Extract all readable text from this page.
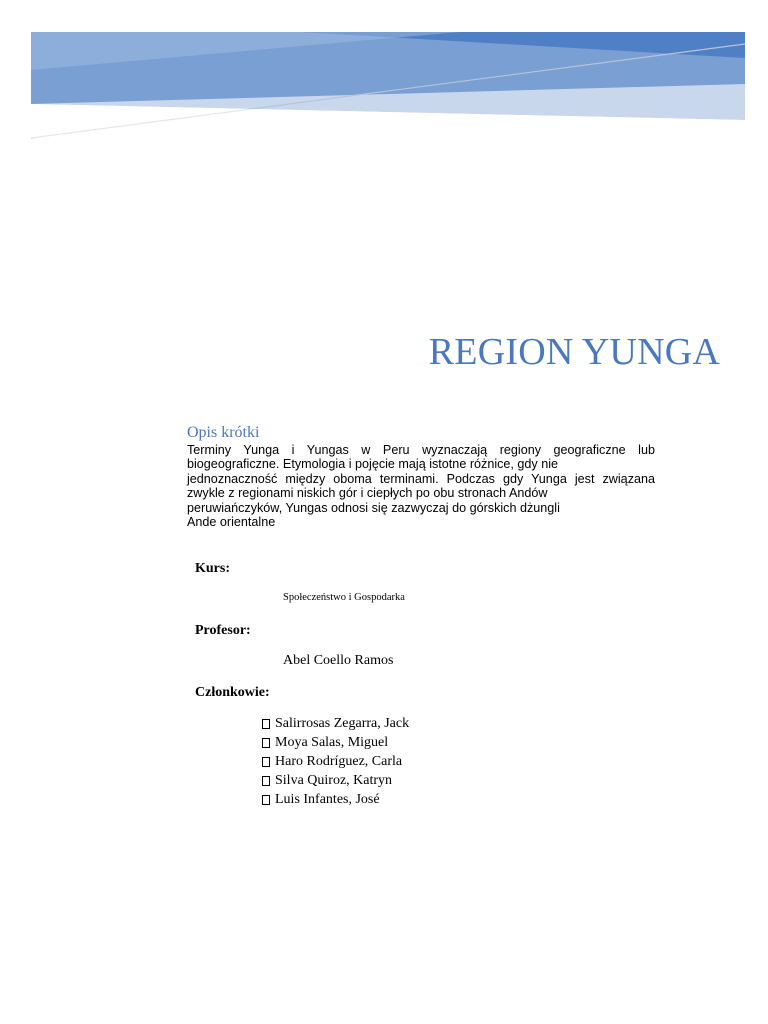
REGION YUNGA
Opis krótki

Terminy Yunga i Yungas w Peru wyznaczają regiony geograficzne lub
biogeograficzne. Etymologia i pojęcie mają istotne różnice, gdy nie
jednoznaczność między oboma terminami. Podczas gdy Yunga jest związana
zwykle z regionami niskich gór i ciepłych po obu stronach Andów
peruwiańczyków, Yungas odnosi się zazwyczaj do górskich dżungli
Ande orientalne

Kurs:

Społeczeństwo i Gospodarka

Profesor:

Abel Coello Ramos

Członkowie:

Salirrosas Zegarra, Jack
Moya Salas, Miguel
Haro Rodríguez, Carla
Silva Quiroz, Katryn
Luis Infantes, José
